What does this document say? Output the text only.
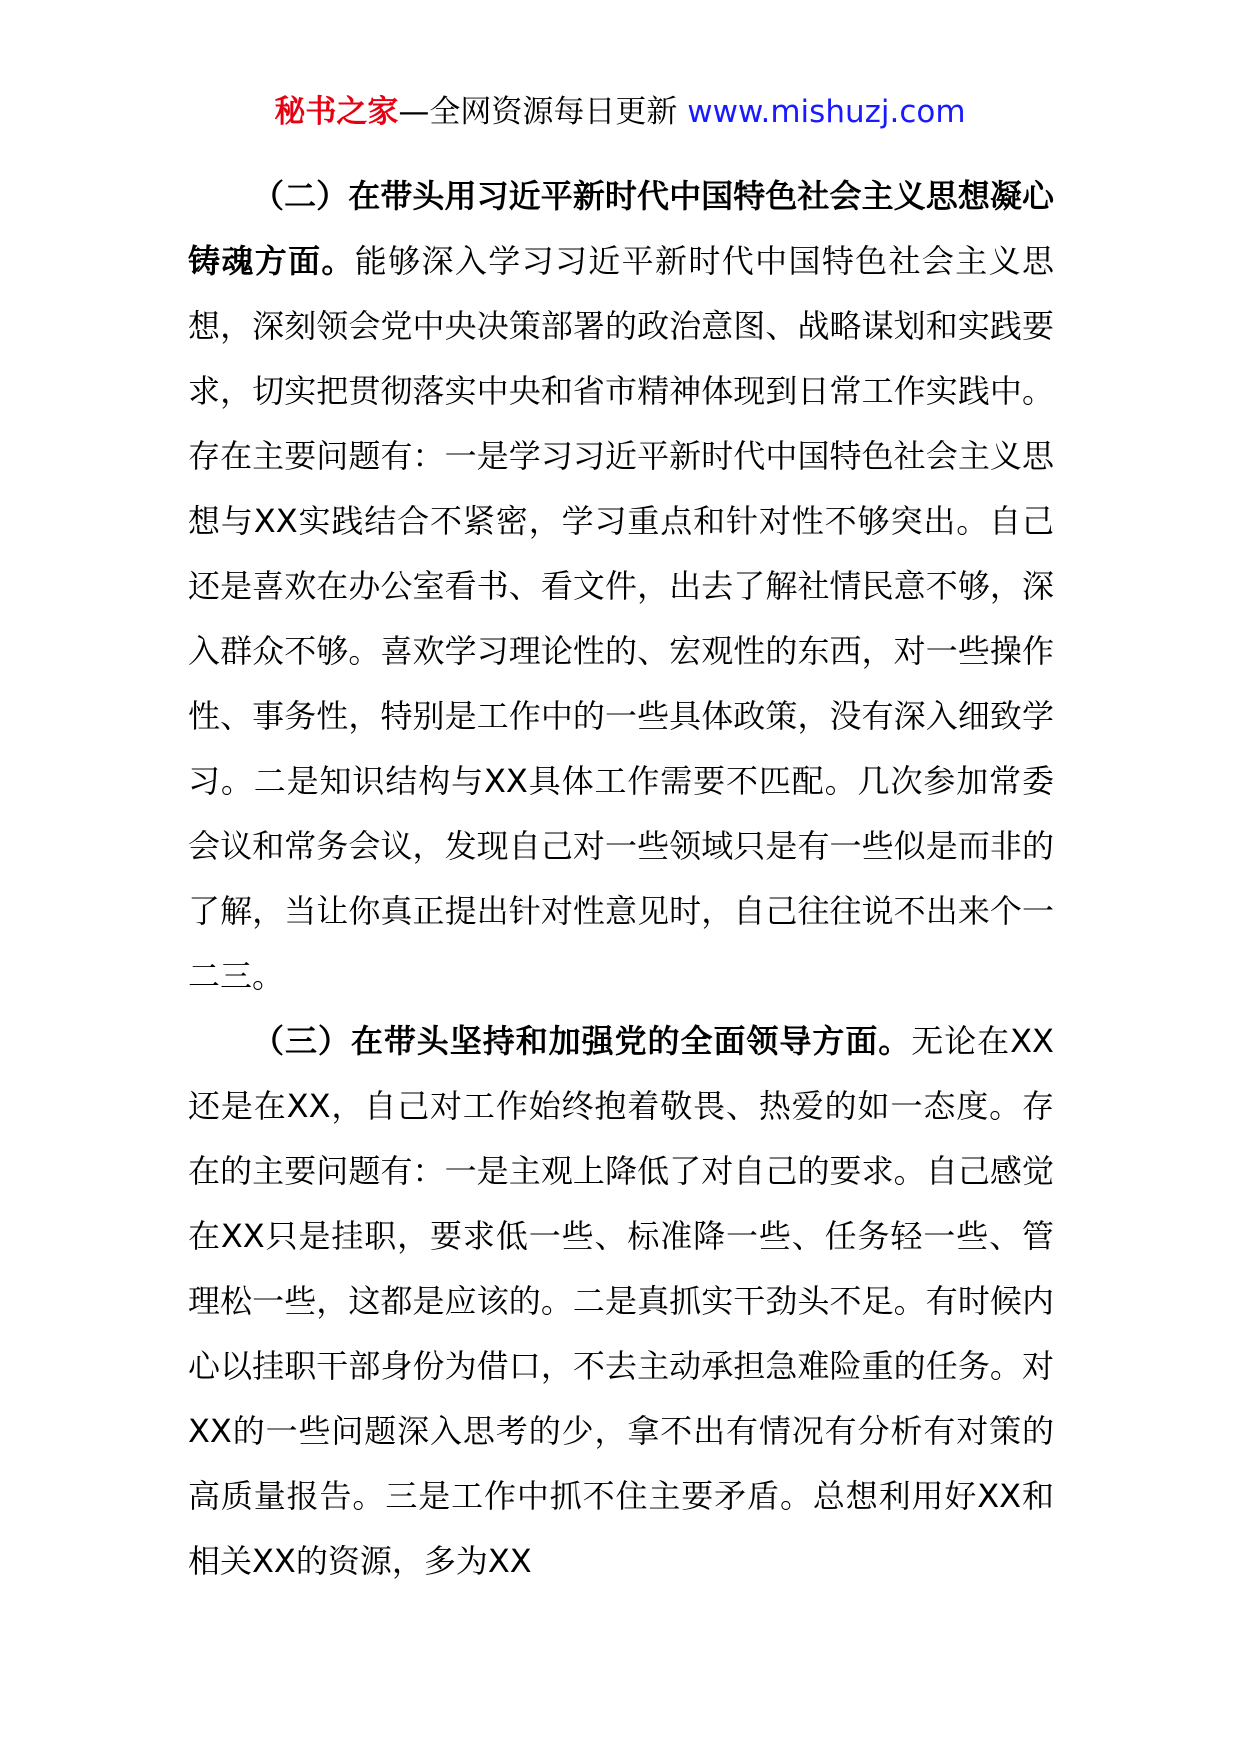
秘书之家—全网资源每日更新 www.mishuzj.com

（二）在带头用习近平新时代中国特色社会主义思想凝心铸魂方面。能够深入学习习近平新时代中国特色社会主义思想，深刻领会党中央决策部署的政治意图、战略谋划和实践要求，切实把贯彻落实中央和省市精神体现到日常工作实践中。存在主要问题有：一是学习习近平新时代中国特色社会主义思想与XX实践结合不紧密，学习重点和针对性不够突出。自己还是喜欢在办公室看书、看文件，出去了解社情民意不够，深入群众不够。喜欢学习理论性的、宏观性的东西，对一些操作性、事务性，特别是工作中的一些具体政策，没有深入细致学习。二是知识结构与XX具体工作需要不匹配。几次参加常委会议和常务会议，发现自己对一些领域只是有一些似是而非的了解，当让你真正提出针对性意见时，自己往往说不出来个一二三。

（三）在带头坚持和加强党的全面领导方面。无论在XX还是在XX，自己对工作始终抱着敬畏、热爱的如一态度。存在的主要问题有：一是主观上降低了对自己的要求。自己感觉在XX只是挂职，要求低一些、标准降一些、任务轻一些、管理松一些，这都是应该的。二是真抓实干劲头不足。有时候内心以挂职干部身份为借口，不去主动承担急难险重的任务。对XX的一些问题深入思考的少，拿不出有情况有分析有对策的高质量报告。三是工作中抓不住主要矛盾。总想利用好XX和相关XX的资源，多为XX
